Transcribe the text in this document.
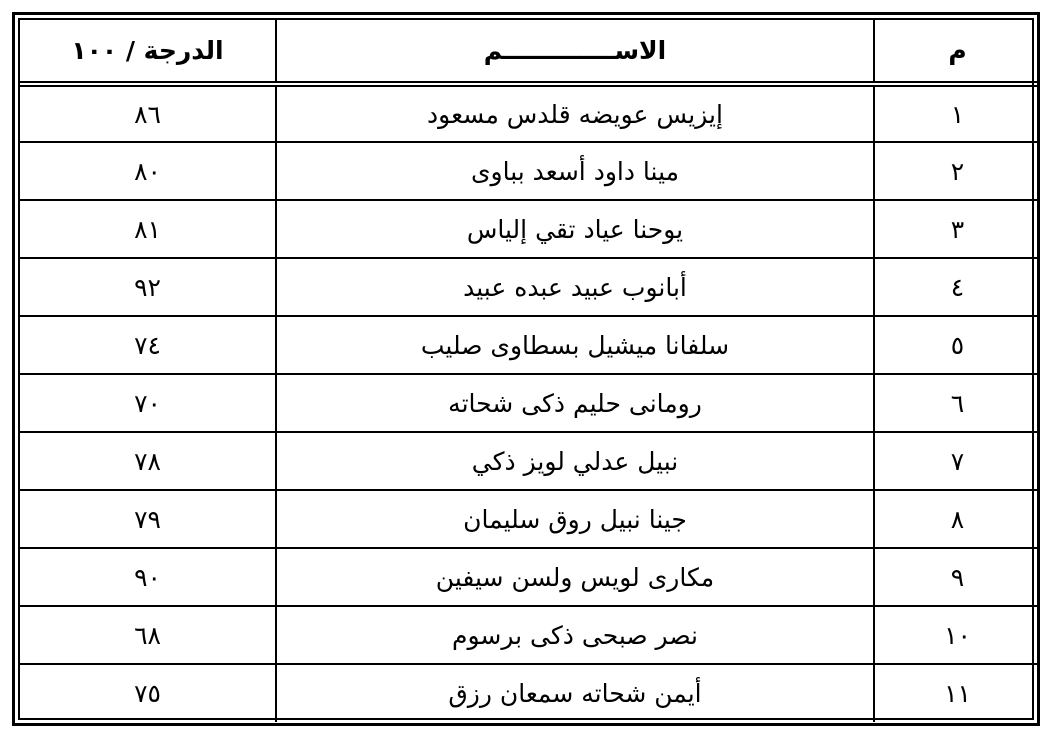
م	الاســـــــــــــم	الدرجة / ١٠٠
١	إيزيس عويضه قلدس مسعود	٨٦
٢	مينا داود أسعد بباوى	٨٠
٣	يوحنا عياد تقي إلياس	٨١
٤	أبانوب عبيد عبده عبيد	٩٢
٥	سلفانا ميشيل بسطاوى صليب	٧٤
٦	رومانى حليم ذكى شحاته	٧٠
٧	نبيل عدلي لويز ذكي	٧٨
٨	جينا نبيل روق سليمان	٧٩
٩	مكارى لويس ولسن سيفين	٩٠
١٠	نصر صبحى ذكى برسوم	٦٨
١١	أيمن شحاته سمعان رزق	٧٥
